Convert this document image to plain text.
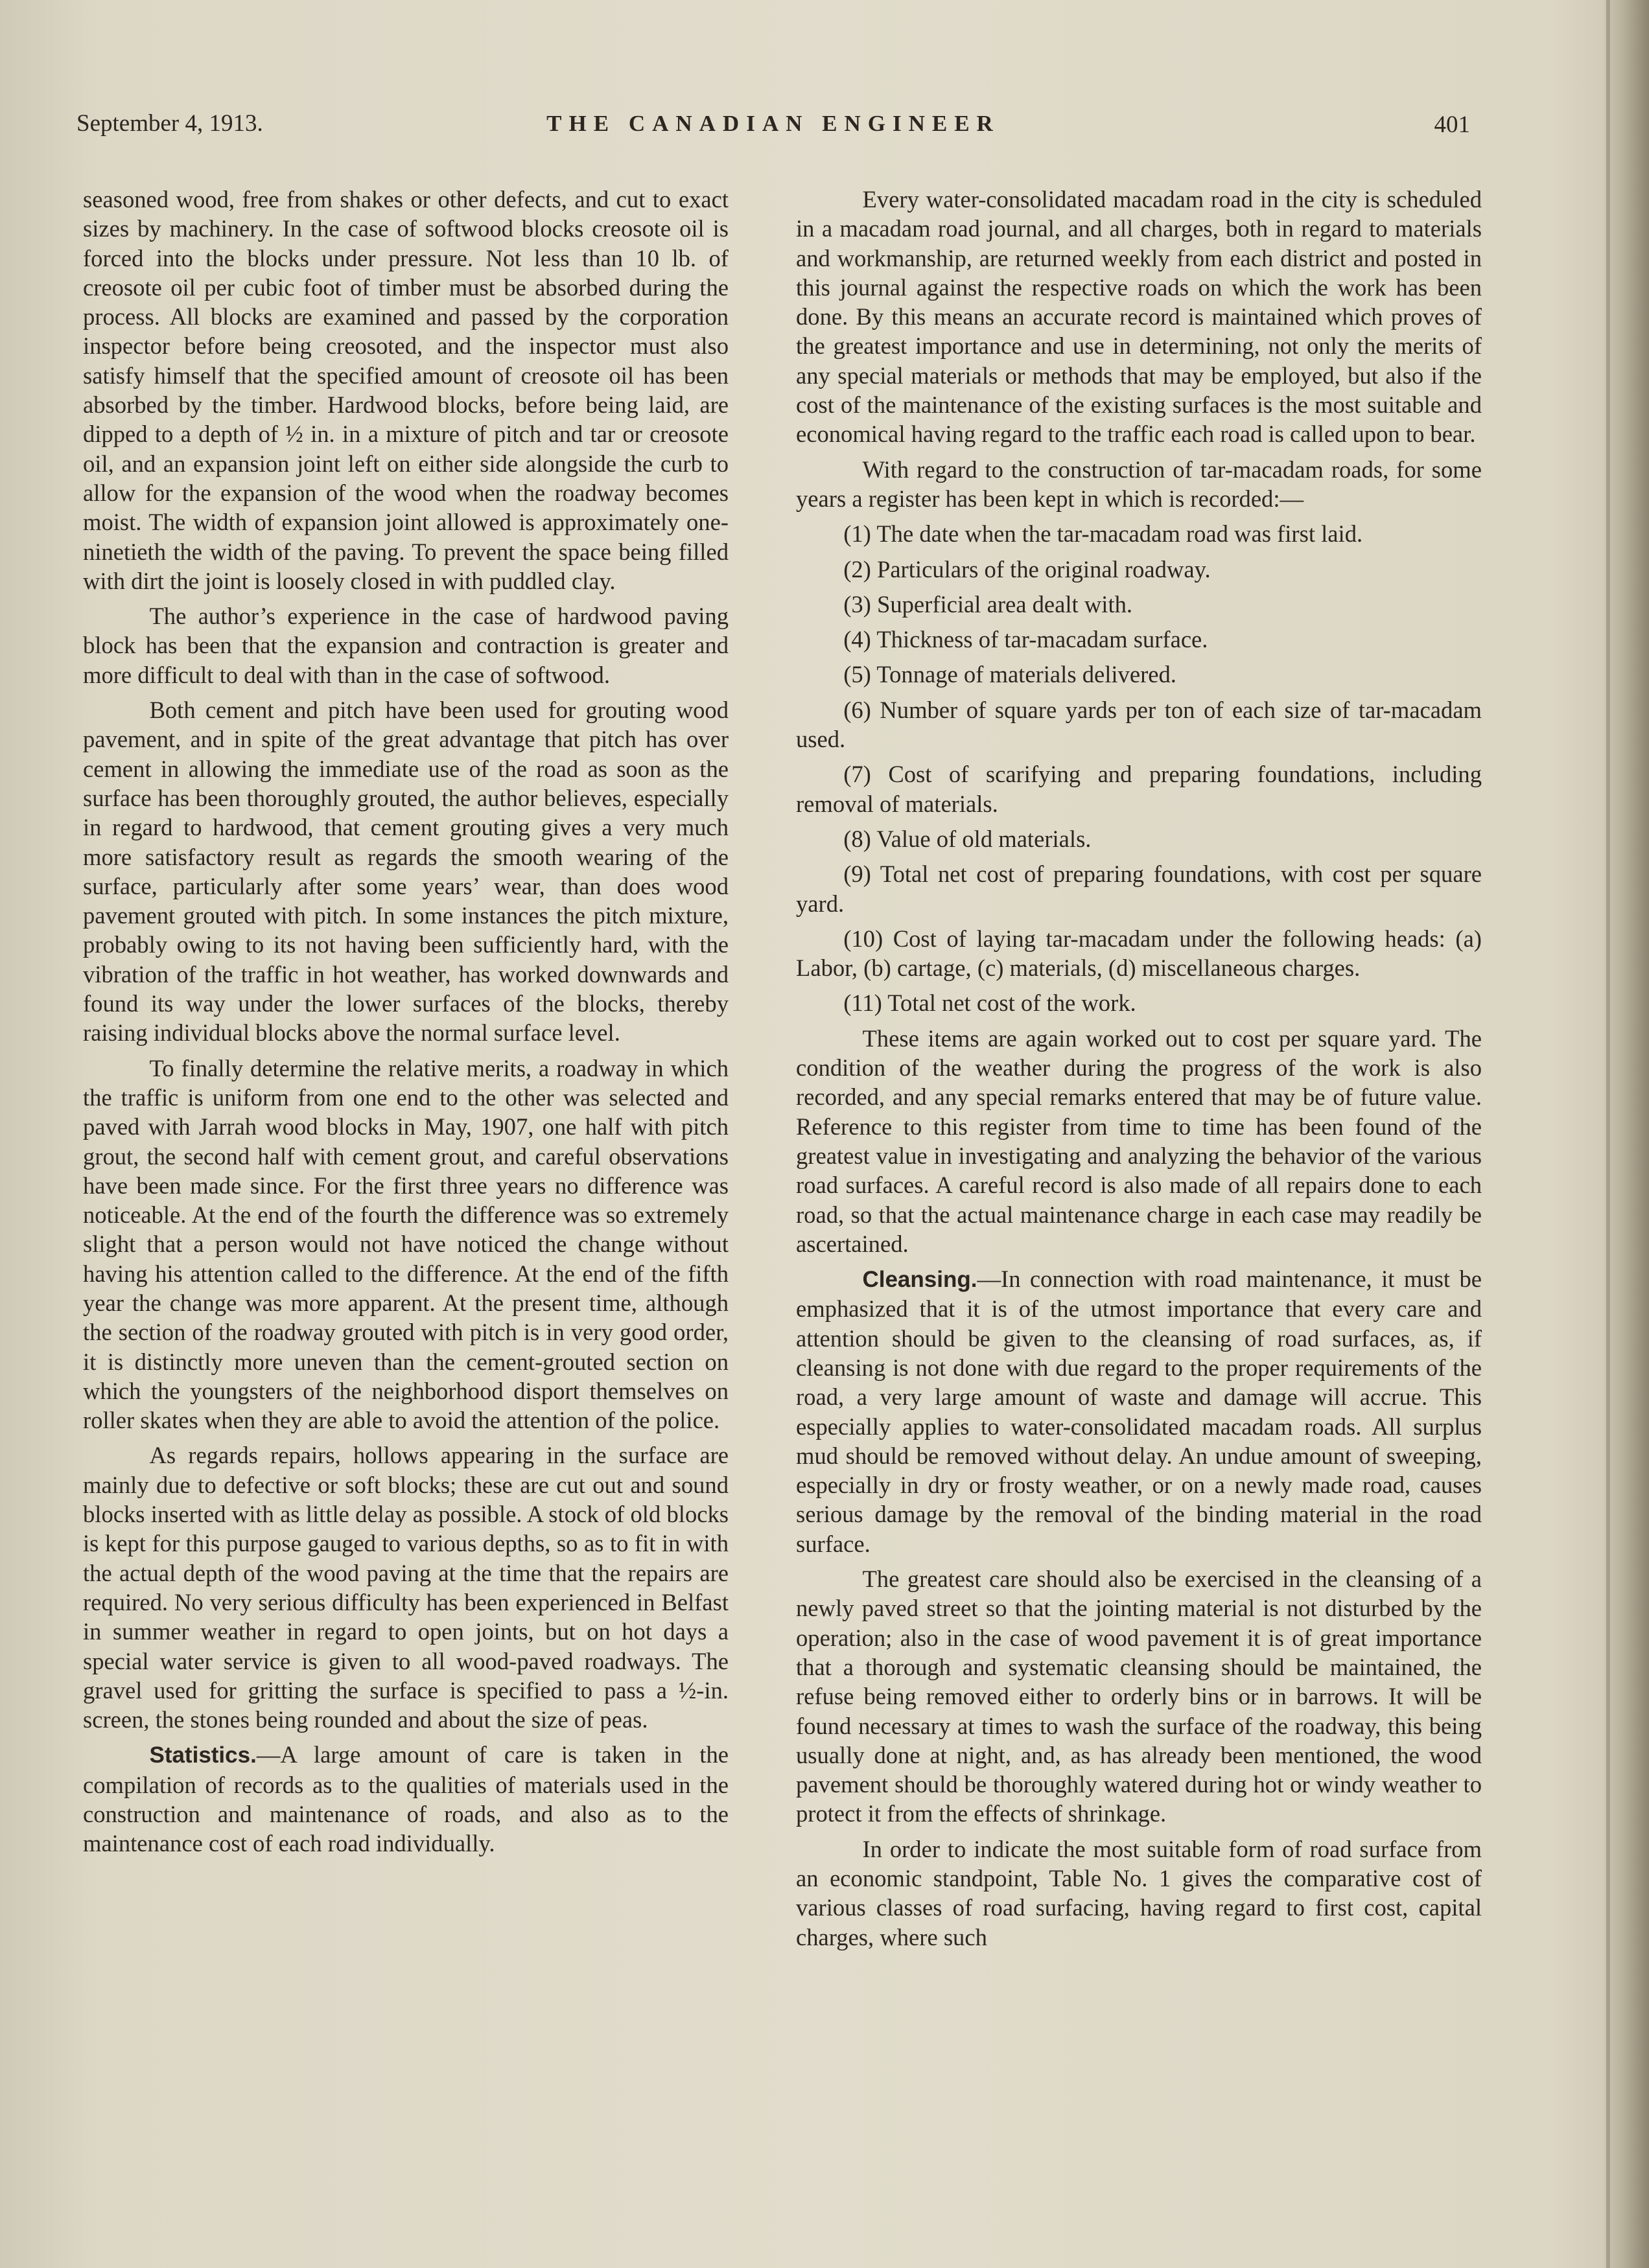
September 4, 1913.	THE CANADIAN ENGINEER	401

seasoned wood, free from shakes or other defects, and cut to exact sizes by machinery. In the case of softwood blocks creosote oil is forced into the blocks under pressure. Not less than 10 lb. of creosote oil per cubic foot of timber must be absorbed during the process. All blocks are examined and passed by the corporation inspector before being creosoted, and the inspector must also satisfy himself that the specified amount of creosote oil has been absorbed by the timber. Hardwood blocks, before being laid, are dipped to a depth of ½ in. in a mixture of pitch and tar or creosote oil, and an expansion joint left on either side alongside the curb to allow for the expansion of the wood when the roadway becomes moist. The width of expansion joint allowed is approximately one-ninetieth the width of the paving. To prevent the space being filled with dirt the joint is loosely closed in with puddled clay.

The author’s experience in the case of hardwood paving block has been that the expansion and contraction is greater and more difficult to deal with than in the case of softwood.

Both cement and pitch have been used for grouting wood pavement, and in spite of the great advantage that pitch has over cement in allowing the immediate use of the road as soon as the surface has been thoroughly grouted, the author believes, especially in regard to hardwood, that cement grouting gives a very much more satisfactory result as regards the smooth wearing of the surface, particularly after some years’ wear, than does wood pavement grouted with pitch. In some instances the pitch mixture, probably owing to its not having been sufficiently hard, with the vibration of the traffic in hot weather, has worked downwards and found its way under the lower surfaces of the blocks, thereby raising individual blocks above the normal surface level.

To finally determine the relative merits, a roadway in which the traffic is uniform from one end to the other was selected and paved with Jarrah wood blocks in May, 1907, one half with pitch grout, the second half with cement grout, and careful observations have been made since. For the first three years no difference was noticeable. At the end of the fourth the difference was so extremely slight that a person would not have noticed the change without having his attention called to the difference. At the end of the fifth year the change was more apparent. At the present time, although the section of the roadway grouted with pitch is in very good order, it is distinctly more uneven than the cement-grouted section on which the youngsters of the neighborhood disport themselves on roller skates when they are able to avoid the attention of the police.

As regards repairs, hollows appearing in the surface are mainly due to defective or soft blocks; these are cut out and sound blocks inserted with as little delay as possible. A stock of old blocks is kept for this purpose gauged to various depths, so as to fit in with the actual depth of the wood paving at the time that the repairs are required. No very serious difficulty has been experienced in Belfast in summer weather in regard to open joints, but on hot days a special water service is given to all wood-paved roadways. The gravel used for gritting the surface is specified to pass a ½-in. screen, the stones being rounded and about the size of peas.

Statistics.—A large amount of care is taken in the compilation of records as to the qualities of materials used in the construction and maintenance of roads, and also as to the maintenance cost of each road individually.

Every water-consolidated macadam road in the city is scheduled in a macadam road journal, and all charges, both in regard to materials and workmanship, are returned weekly from each district and posted in this journal against the respective roads on which the work has been done. By this means an accurate record is maintained which proves of the greatest importance and use in determining, not only the merits of any special materials or methods that may be employed, but also if the cost of the maintenance of the existing surfaces is the most suitable and economical having regard to the traffic each road is called upon to bear.

With regard to the construction of tar-macadam roads, for some years a register has been kept in which is recorded:—

(1) The date when the tar-macadam road was first laid.

(2) Particulars of the original roadway.

(3) Superficial area dealt with.

(4) Thickness of tar-macadam surface.

(5) Tonnage of materials delivered.

(6) Number of square yards per ton of each size of tar-macadam used.

(7) Cost of scarifying and preparing foundations, including removal of materials.

(8) Value of old materials.

(9) Total net cost of preparing foundations, with cost per square yard.

(10) Cost of laying tar-macadam under the following heads: (a) Labor, (b) cartage, (c) materials, (d) miscellaneous charges.

(11) Total net cost of the work.

These items are again worked out to cost per square yard. The condition of the weather during the progress of the work is also recorded, and any special remarks entered that may be of future value. Reference to this register from time to time has been found of the greatest value in investigating and analyzing the behavior of the various road surfaces. A careful record is also made of all repairs done to each road, so that the actual maintenance charge in each case may readily be ascertained.

Cleansing.—In connection with road maintenance, it must be emphasized that it is of the utmost importance that every care and attention should be given to the cleansing of road surfaces, as, if cleansing is not done with due regard to the proper requirements of the road, a very large amount of waste and damage will accrue. This especially applies to water-consolidated macadam roads. All surplus mud should be removed without delay. An undue amount of sweeping, especially in dry or frosty weather, or on a newly made road, causes serious damage by the removal of the binding material in the road surface.

The greatest care should also be exercised in the cleansing of a newly paved street so that the jointing material is not disturbed by the operation; also in the case of wood pavement it is of great importance that a thorough and systematic cleansing should be maintained, the refuse being removed either to orderly bins or in barrows. It will be found necessary at times to wash the surface of the roadway, this being usually done at night, and, as has already been mentioned, the wood pavement should be thoroughly watered during hot or windy weather to protect it from the effects of shrinkage.

In order to indicate the most suitable form of road surface from an economic standpoint, Table No. 1 gives the comparative cost of various classes of road surfacing, having regard to first cost, capital charges, where such
